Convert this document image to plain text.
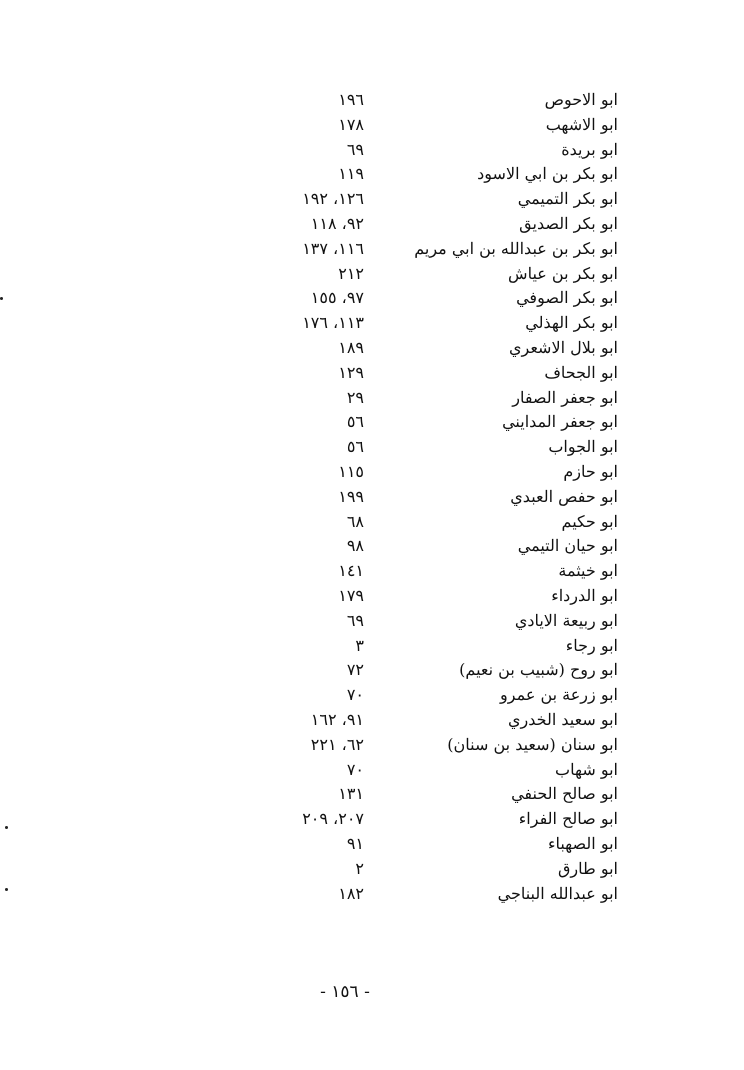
ابو الاحوص
١٩٦
ابو الاشهب
١٧٨
ابو بريدة
٦٩
ابو بكر بن ابي الاسود
١١٩
ابو بكر التميمي
١٢٦، ١٩٢
ابو بكر الصديق
٩٢، ١١٨
ابو بكر بن عبدالله بن ابي مريم
١١٦، ١٣٧
ابو بكر بن عياش
٢١٢
ابو بكر الصوفي
٩٧، ١٥٥
ابو بكر الهذلي
١١٣، ١٧٦
ابو بلال الاشعري
١٨٩
ابو الجحاف
١٢٩
ابو جعفر الصفار
٢٩
ابو جعفر المدايني
٥٦
ابو الجواب
٥٦
ابو حازم
١١٥
ابو حفص العبدي
١٩٩
ابو حكيم
٦٨
ابو حيان التيمي
٩٨
ابو خيثمة
١٤١
ابو الدرداء
١٧٩
ابو ربيعة الايادي
٦٩
ابو رجاء
٣
ابو روح (شبيب بن نعيم)
٧٢
ابو زرعة بن عمرو
٧٠
ابو سعيد الخدري
٩١، ١٦٢
ابو سنان (سعيد بن سنان)
٦٢، ٢٢١
ابو شهاب
٧٠
ابو صالح الحنفي
١٣١
ابو صالح الفراء
٢٠٧، ٢٠٩
ابو الصهباء
٩١
ابو طارق
٢
ابو عبدالله البناجي
١٨٢
- ١٥٦ -
